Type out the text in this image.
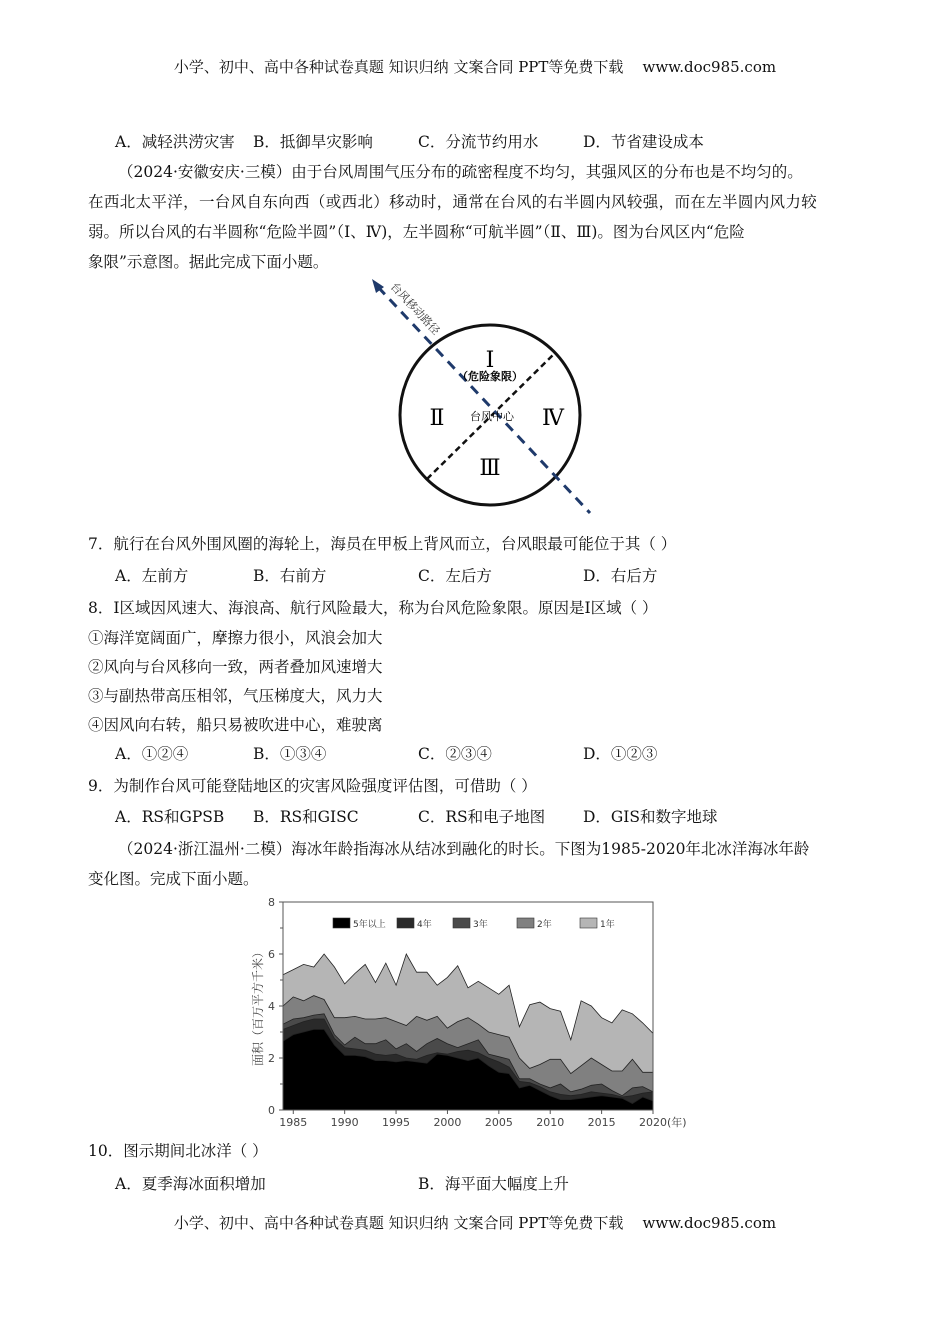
小学、初中、高中各种试卷真题 知识归纳 文案合同 PPT等免费下载 www.doc985.com
A．减轻洪涝灾害 B．抵御旱灾影响	C．分流节约用水	D．节省建设成本
（2024·安徽安庆·三模）由于台风周围气压分布的疏密程度不均匀，其强风区的分布也是不均匀的。
在西北太平洋，一台风自东向西（或西北）移动时，通常在台风的右半圆内风较强，而在左半圆内风力较
弱。所以台风的右半圆称“危险半圆”（Ⅰ、Ⅳ)，左半圆称“可航半圆”（Ⅱ、Ⅲ)。图为台风区内“危险
象限”示意图。据此完成下面小题。
台风移动路径
Ⅰ
（危险象限）
Ⅱ
Ⅲ
Ⅳ
台风中心
7．航行在台风外围风圈的海轮上，海员在甲板上背风而立，台风眼最可能位于其（ ）
A．左前方	B．右前方	C．左后方	D．右后方
8．Ⅰ区域因风速大、海浪高、航行风险最大，称为台风危险象限。原因是Ⅰ区域（ ）
①海洋宽阔面广，摩擦力很小，风浪会加大
②风向与台风移向一致，两者叠加风速增大
③与副热带高压相邻，气压梯度大，风力大
④因风向右转，船只易被吹进中心，难驶离
A．①②④	B．①③④	C．②③④	D．①②③
9．为制作台风可能登陆地区的灾害风险强度评估图，可借助（ ）
A．RS和GPSB B．RS和GISC	C．RS和电子地图 D．GIS和数字地球
（2024·浙江温州·二模）海冰年龄指海冰从结冰到融化的时长。下图为1985-2020年北冰洋海冰年龄
变化图。完成下面小题。
0
2
4
6
8
1985 1990 1995 2000 2005 2010 2015 2020 (年)
面积（百万平方千米）
5年以上	4年	3年	2年	1年
10．图示期间北冰洋（ ）
A．夏季海冰面积增加	B．海平面大幅度上升
小学、初中、高中各种试卷真题 知识归纳 文案合同 PPT等免费下载 www.doc985.com
